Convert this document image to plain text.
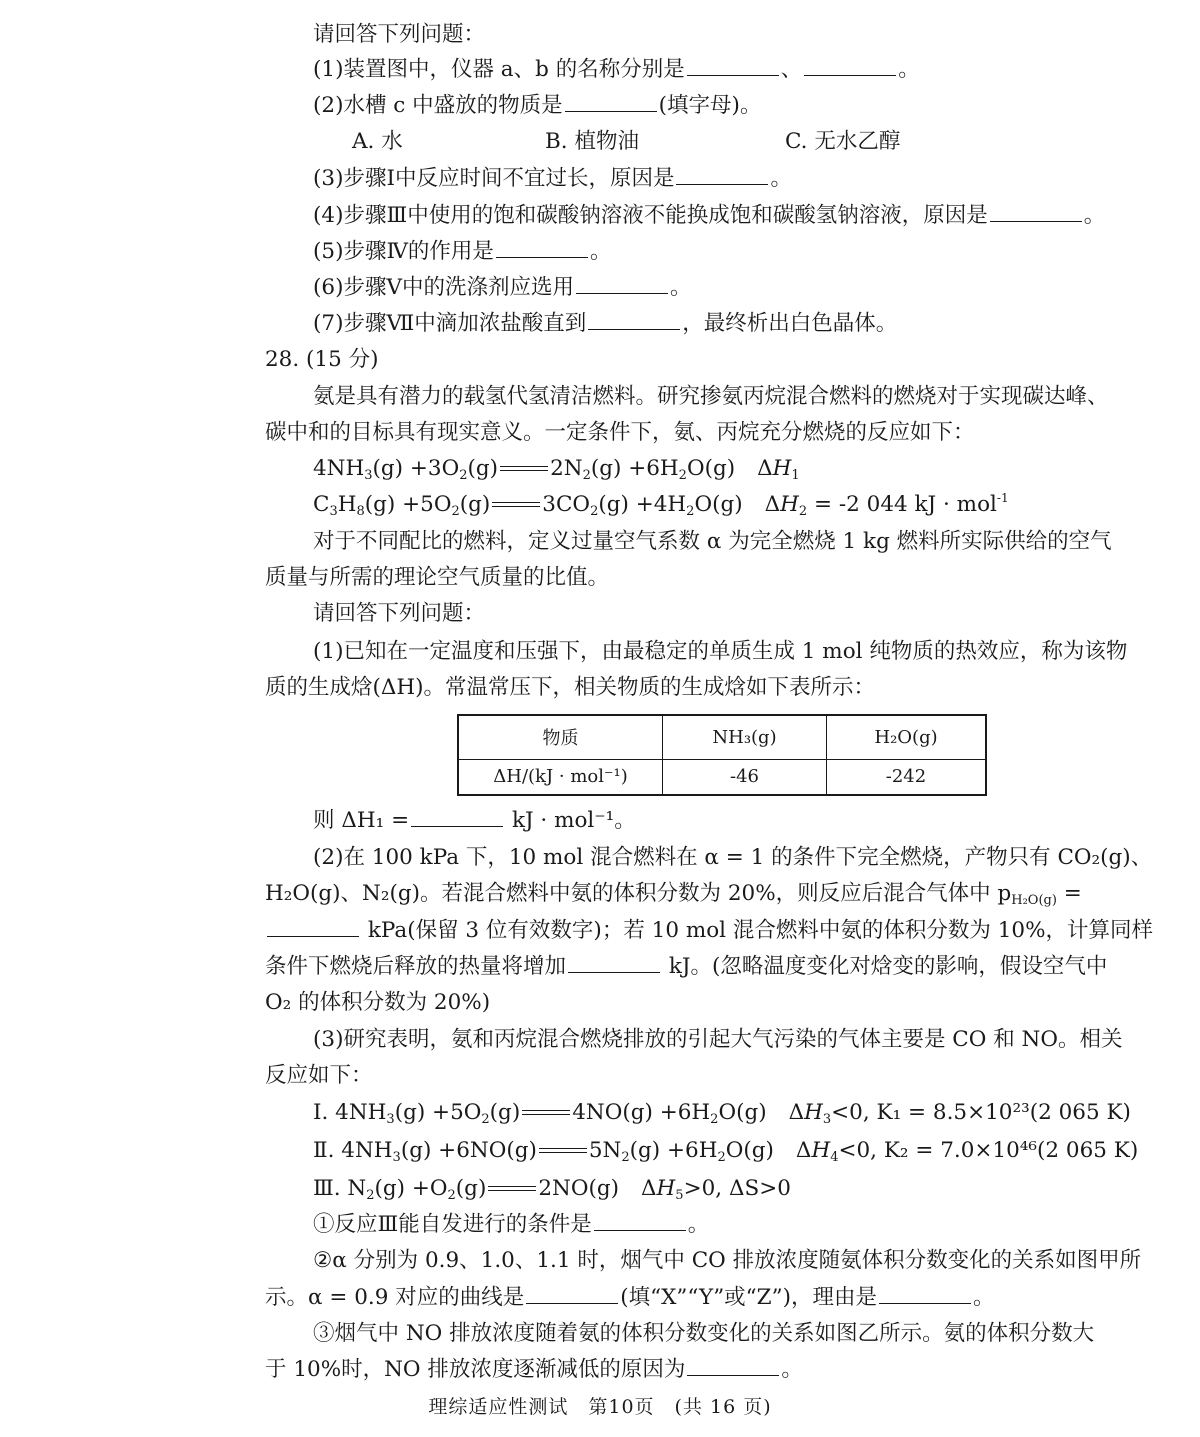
请回答下列问题：
(1)装置图中，仪器 a、b 的名称分别是	、	。
(2)水槽 c 中盛放的物质是	(填字母)。
A. 水	B. 植物油	C. 无水乙醇
(3)步骤Ⅰ中反应时间不宜过长，原因是	。
(4)步骤Ⅲ中使用的饱和碳酸钠溶液不能换成饱和碳酸氢钠溶液，原因是	。
(5)步骤Ⅳ的作用是	。
(6)步骤Ⅴ中的洗涤剂应选用	。
(7)步骤Ⅶ中滴加浓盐酸直到	，最终析出白色晶体。
28. (15 分)
氨是具有潜力的载氢代氢清洁燃料。研究掺氨丙烷混合燃料的燃烧对于实现碳达峰、
碳中和的目标具有现实意义。一定条件下，氨、丙烷充分燃烧的反应如下：
$4NH_3(g) +3O_2(g)$ $2N_2(g) +6H_2O(g)$ $\Delta H_1$
$C_3H_8(g) +5O_2(g)$ $3CO_2(g) +4H_2O(g) \Delta H_2 = -2$ 044 kJ · mol$^{-1}$
对于不同配比的燃料，定义过量空气系数 α 为完全燃烧 1 kg 燃料所实际供给的空气
质量与所需的理论空气质量的比值。
请回答下列问题：
(1)已知在一定温度和压强下，由最稳定的单质生成 1 mol 纯物质的热效应，称为该物
质的生成焓(ΔH)。常温常压下，相关物质的生成焓如下表所示：
物质	NH₃(g)	H₂O(g)
ΔH/(kJ · mol⁻¹)	-46	-242
则 ΔH₁ =	kJ · mol⁻¹。
(2)在 100 kPa 下，10 mol 混合燃料在 α = 1 的条件下完全燃烧，产物只有 CO₂(g)、
H₂O(g)、N₂(g)。若混合燃料中氨的体积分数为 20%，则反应后混合气体中 $p_{H_2O(g)}$ =
kPa(保留 3 位有效数字)；若 10 mol 混合燃料中氨的体积分数为 10%，计算同样
条件下燃烧后释放的热量将增加	kJ。(忽略温度变化对焓变的影响，假设空气中
O₂ 的体积分数为 20%)
(3)研究表明，氨和丙烷混合燃烧排放的引起大气污染的气体主要是 CO 和 NO。相关
反应如下：
Ⅰ. $4NH_3(g) +5O_2(g)$ $4NO(g) +6H_2O(g)$ $\Delta H_3<0$, K₁ = 8.5×10²³(2 065 K)
Ⅱ. $4NH_3(g) +6NO(g)$ $5N_2(g) +6H_2O(g)$ $\Delta H_4<0$, K₂ = 7.0×10⁴⁶(2 065 K)
Ⅲ. $N_2(g) +O_2(g)$ 2NO(g) $\Delta H_5>0$, ΔS>0
①反应Ⅲ能自发进行的条件是	。
②α 分别为 0.9、1.0、1.1 时，烟气中 CO 排放浓度随氨体积分数变化的关系如图甲所
示。α = 0.9 对应的曲线是	(填“X”“Y”或“Z”)，理由是	。
③烟气中 NO 排放浓度随着氨的体积分数变化的关系如图乙所示。氨的体积分数大
于 10%时，NO 排放浓度逐渐减低的原因为	。
理综适应性测试　第10页　(共 16 页)
